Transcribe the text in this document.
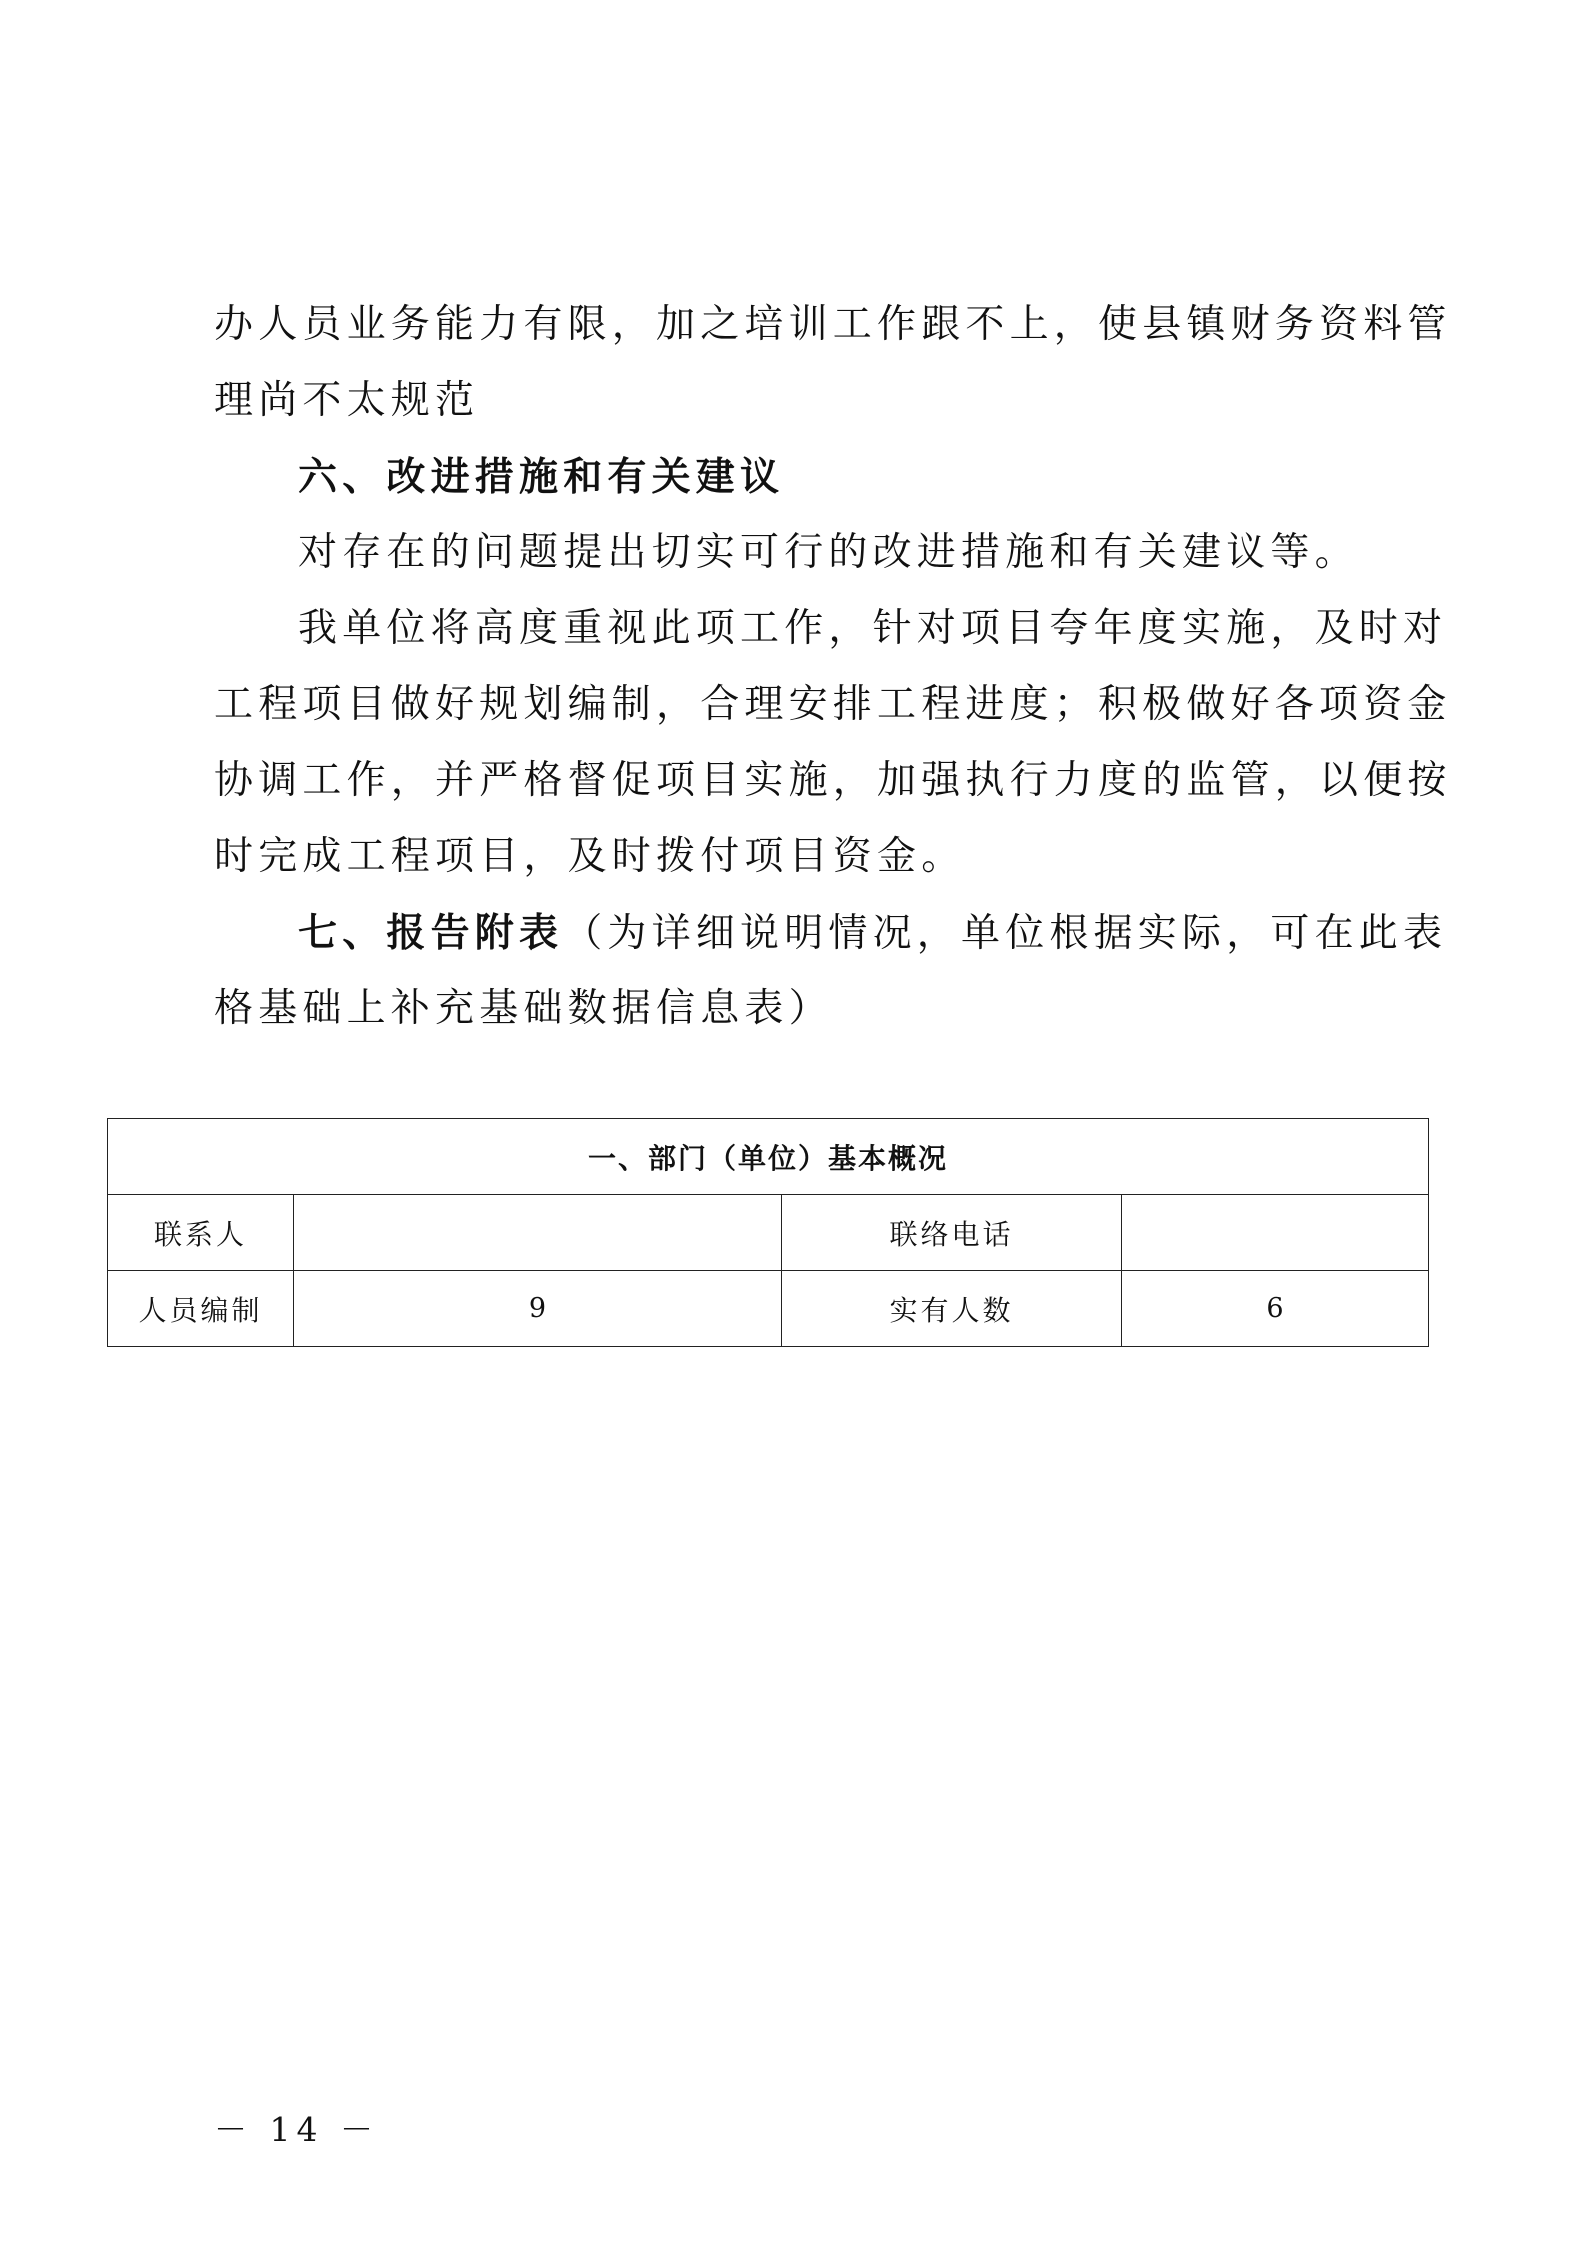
办人员业务能力有限，加之培训工作跟不上，使县镇财务资料管
理尚不太规范
六、改进措施和有关建议
对存在的问题提出切实可行的改进措施和有关建议等。
我单位将高度重视此项工作，针对项目夸年度实施，及时对
工程项目做好规划编制，合理安排工程进度；积极做好各项资金
协调工作，并严格督促项目实施，加强执行力度的监管，以便按
时完成工程项目，及时拨付项目资金。
七、报告附表（为详细说明情况，单位根据实际，可在此表
格基础上补充基础数据信息表）
一、部门（单位）基本概况			
联系人		联络电话	
人员编制	9	实有人数	6
－ 14 －
